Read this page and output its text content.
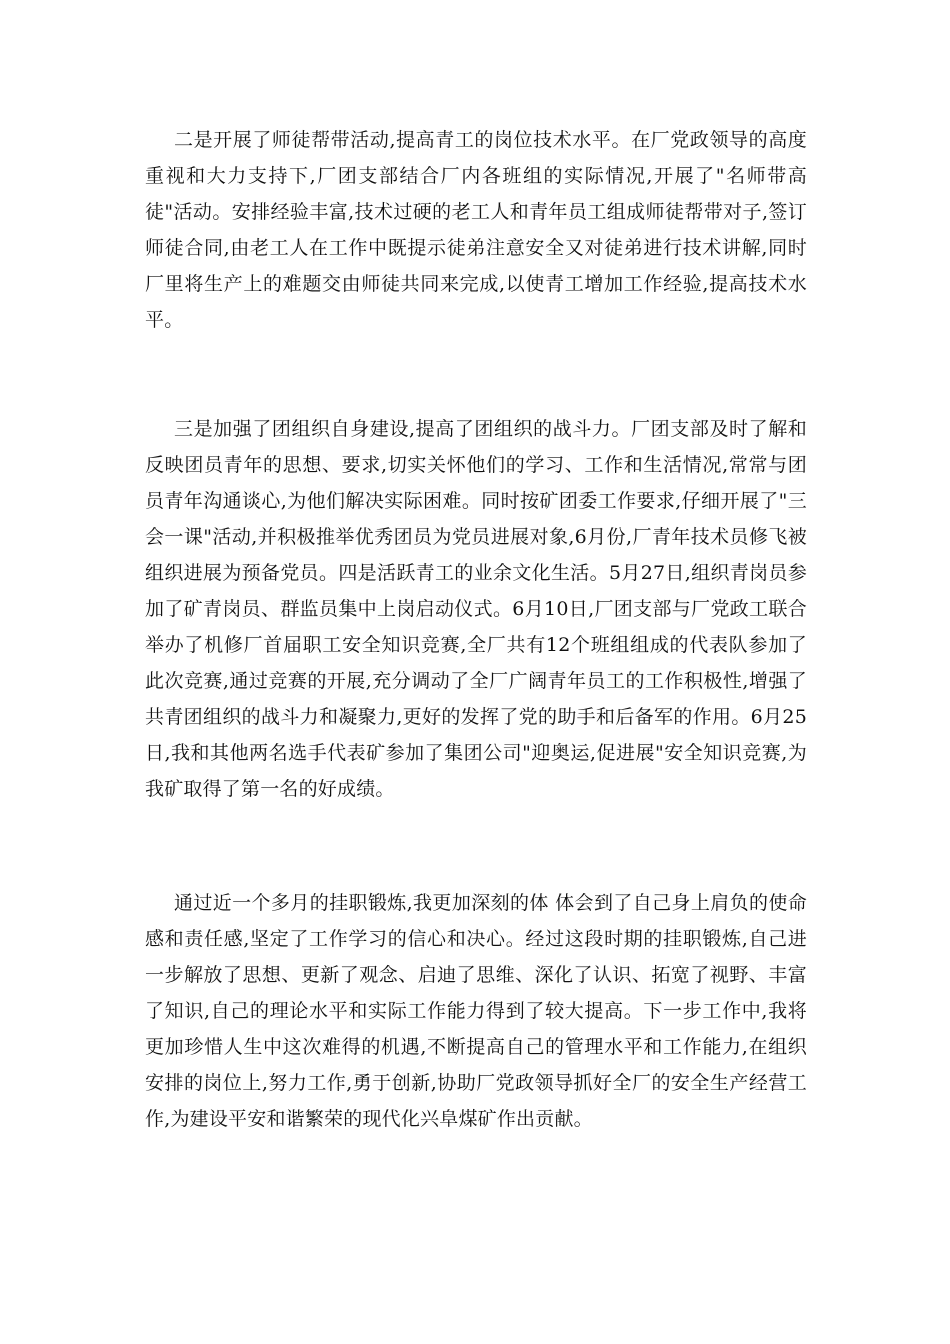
二是开展了师徒帮带活动,提高青工的岗位技术水平。在厂党政领导的高度重视和大力支持下,厂团支部结合厂内各班组的实际情况,开展了"名师带高徒"活动。安排经验丰富,技术过硬的老工人和青年员工组成师徒帮带对子,签订师徒合同,由老工人在工作中既提示徒弟注意安全又对徒弟进行技术讲解,同时厂里将生产上的难题交由师徒共同来完成,以使青工增加工作经验,提高技术水平。

三是加强了团组织自身建设,提高了团组织的战斗力。厂团支部及时了解和反映团员青年的思想、要求,切实关怀他们的学习、工作和生活情况,常常与团员青年沟通谈心,为他们解决实际困难。同时按矿团委工作要求,仔细开展了"三会一课"活动,并积极推举优秀团员为党员进展对象,6月份,厂青年技术员修飞被组织进展为预备党员。四是活跃青工的业余文化生活。5月27日,组织青岗员参加了矿青岗员、群监员集中上岗启动仪式。6月10日,厂团支部与厂党政工联合举办了机修厂首届职工安全知识竞赛,全厂共有12个班组组成的代表队参加了此次竞赛,通过竞赛的开展,充分调动了全厂广阔青年员工的工作积极性,增强了共青团组织的战斗力和凝聚力,更好的发挥了党的助手和后备军的作用。6月25日,我和其他两名选手代表矿参加了集团公司"迎奥运,促进展"安全知识竞赛,为我矿取得了第一名的好成绩。

通过近一个多月的挂职锻炼,我更加深刻的体 体会到了自己身上肩负的使命感和责任感,坚定了工作学习的信心和决心。经过这段时期的挂职锻炼,自己进一步解放了思想、更新了观念、启迪了思维、深化了认识、拓宽了视野、丰富了知识,自己的理论水平和实际工作能力得到了较大提高。下一步工作中,我将更加珍惜人生中这次难得的机遇,不断提高自己的管理水平和工作能力,在组织安排的岗位上,努力工作,勇于创新,协助厂党政领导抓好全厂的安全生产经营工作,为建设平安和谐繁荣的现代化兴阜煤矿作出贡献。
